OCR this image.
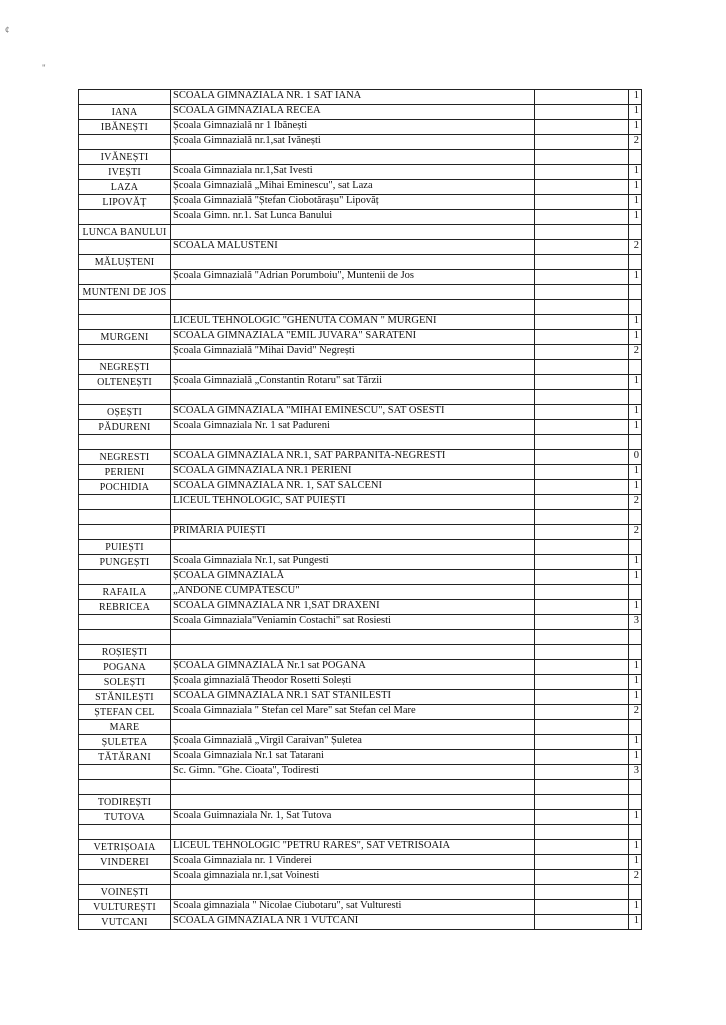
¢
"
	SCOALA GIMNAZIALA NR. 1 SAT IANA		1
IANA	SCOALA GIMNAZIALA RECEA		1
IBĂNEȘTI	Școala Gimnazială nr 1 Ibănești		1
	Școala Gimnazială nr.1,sat Ivănești		2
IVĂNEȘTI			
IVEȘTI	Scoala Gimnaziala nr.1,Sat Ivesti		1
LAZA	Școala Gimnazială „Mihai Eminescu", sat Laza		1
LIPOVĂȚ	Școala Gimnazială "Ștefan Ciobotărașu" Lipovăț		1
	Scoala Gimn. nr.1. Sat Lunca Banului		1
LUNCA BANULUI			
	SCOALA MALUSTENI		2
MĂLUȘTENI			
	Școala Gimnazială "Adrian Porumboiu", Muntenii de Jos		1
MUNTENI DE JOS			

	LICEUL TEHNOLOGIC "GHENUTA COMAN " MURGENI		1
MURGENI	SCOALA GIMNAZIALA "EMIL JUVARA" SARATENI		1
	Școala Gimnazială "Mihai David" Negrești		2
NEGREȘTI			
OLTENEȘTI	Școala Gimnazială „Constantin Rotaru" sat Tărzii		1

OȘEȘTI	SCOALA GIMNAZIALA "MIHAI EMINESCU", SAT OSESTI		1
PĂDURENI	Scoala Gimnaziala Nr. 1 sat Padureni		1

NEGRESTI	SCOALA GIMNAZIALA NR.1, SAT PARPANITA-NEGRESTI		0
PERIENI	SCOALA GIMNAZIALA NR.1 PERIENI		1
POCHIDIA	SCOALA GIMNAZIALA NR. 1, SAT SALCENI		1
	LICEUL TEHNOLOGIC, SAT PUIEȘTI		2

	PRIMĂRIA PUIEȘTI		2
PUIEȘTI			
PUNGEȘTI	Scoala Gimnaziala Nr.1, sat Pungesti		1
	ȘCOALA GIMNAZIALĂ		1
RAFAILA	„ANDONE CUMPĂTESCU"		
REBRICEA	SCOALA GIMNAZIALA NR 1,SAT DRAXENI		1
	Scoala Gimnaziala"Veniamin Costachi" sat Rosiesti		3

ROȘIEȘTI			
POGANA	ȘCOALA GIMNAZIALĂ Nr.1 sat POGANA		1
SOLEȘTI	Școala gimnazială Theodor Rosetti Solești		1
STĂNILEȘTI	SCOALA GIMNAZIALA NR.1 SAT STANILESTI		1
ȘTEFAN CEL	Scoala Gimnaziala " Stefan cel Mare" sat Stefan cel Mare		2
MARE			
ȘULETEA	Școala Gimnazială „Virgil Caraivan" Șuletea		1
TĂTĂRANI	Scoala Gimnaziala Nr.1 sat Tatarani		1
	Sc. Gimn. "Ghe. Cioata", Todiresti		3

TODIREȘTI			
TUTOVA	Scoala Guimnaziala Nr. 1, Sat Tutova		1

VETRIȘOAIA	LICEUL TEHNOLOGIC "PETRU RARES", SAT VETRISOAIA		1
VINDEREI	Scoala Gimnaziala nr. 1 Vinderei		1
	Scoala gimnaziala nr.1,sat Voinesti		2
VOINEȘTI			
VULTUREȘTI	Scoala gimnaziala " Nicolae Ciubotaru", sat Vulturesti		1
VUTCANI	SCOALA GIMNAZIALA NR 1 VUTCANI		1
